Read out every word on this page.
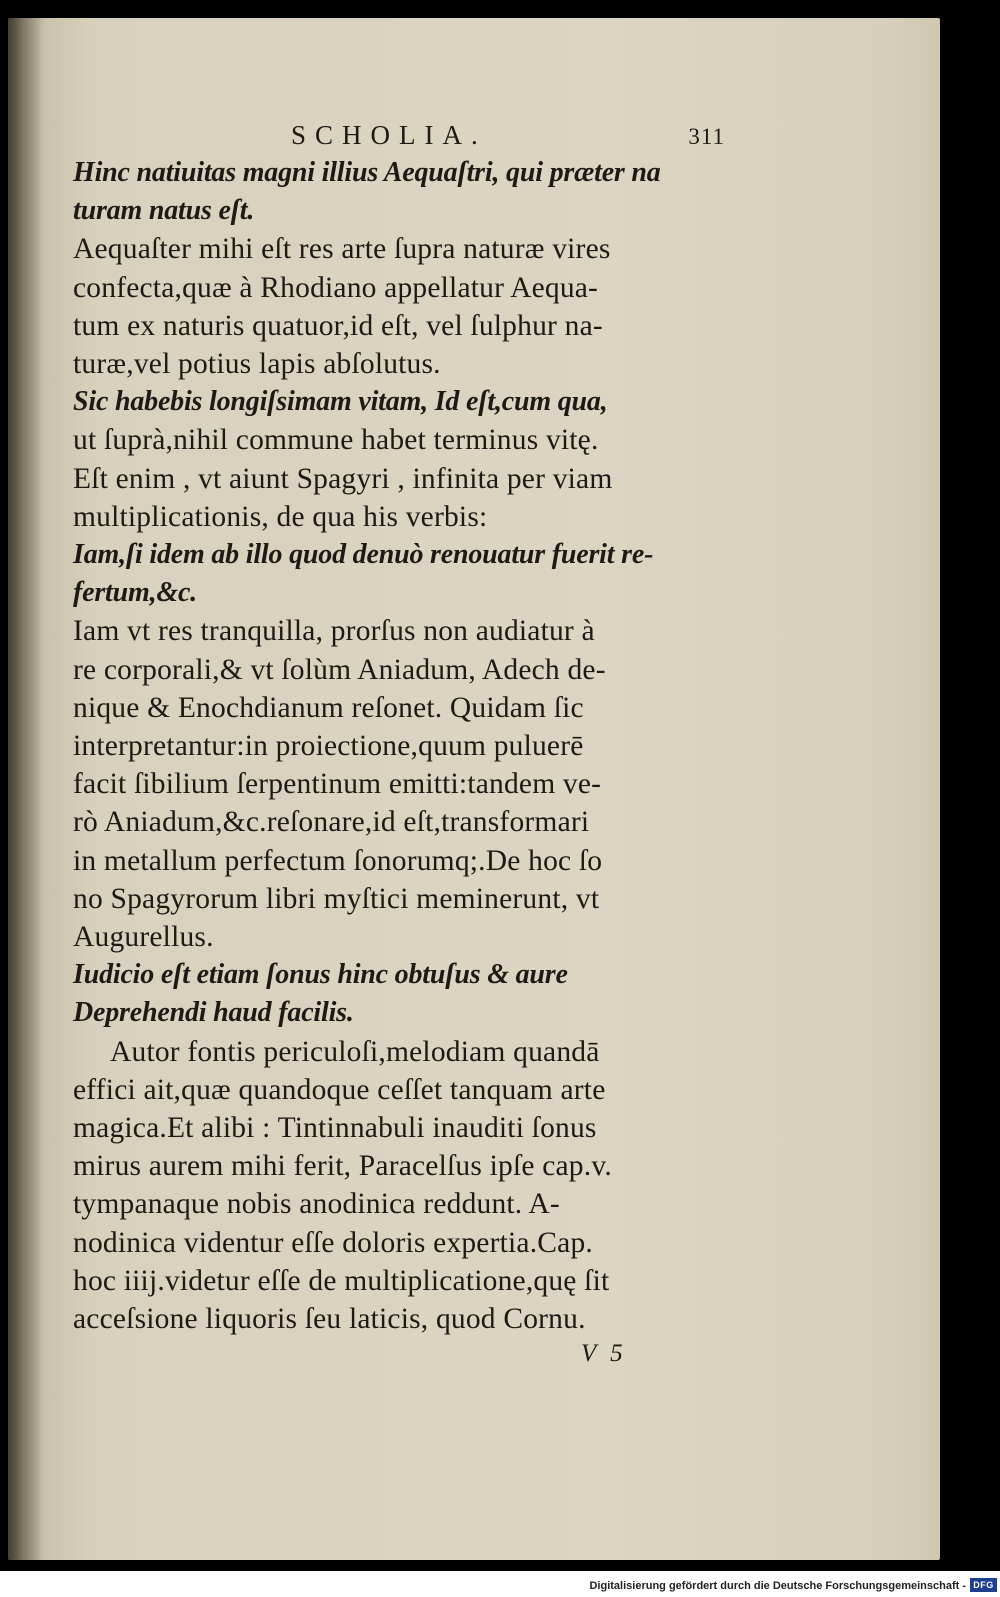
SCHOLIA.	311
Hinc natiuitas magni illius Aequaſtri, qui præter na
turam natus eſt.
Aequaſter mihi eſt res arte ſupra naturæ vires
confecta,quæ à Rhodiano appellatur Aequa-
tum ex naturis quatuor,id eſt, vel ſulphur na-
turæ,vel potius lapis abſolutus.
Sic habebis longiſsimam vitam, Id eſt,cum qua,
ut ſuprà,nihil commune habet terminus vitę.
Eſt enim , vt aiunt Spagyri , infinita per viam
multiplicationis, de qua his verbis:
Iam,ſi idem ab illo quod denuò renouatur fuerit re-
fertum,&c.
Iam vt res tranquilla, prorſus non audiatur à
re corporali,& vt ſolùm Aniadum, Adech de-
nique & Enochdianum reſonet. Quidam ſic
interpretantur:in proiectione,quum puluerē
facit ſibilium ſerpentinum emitti:tandem ve-
rò Aniadum,&c.reſonare,id eſt,transformari
in metallum perfectum ſonorumq;.De hoc ſo
no Spagyrorum libri myſtici meminerunt, vt
Augurellus.
Iudicio eſt etiam ſonus hinc obtuſus & aure
Deprehendi haud facilis.
Autor fontis periculoſi,melodiam quandā
effici ait,quæ quandoque ceſſet tanquam arte
magica.Et alibi : Tintinnabuli inauditi ſonus
mirus aurem mihi ferit, Paracelſus ipſe cap.v.
tympanaque nobis anodinica reddunt. A-
nodinica videntur eſſe doloris expertia.Cap.
hoc iiij.videtur eſſe de multiplicatione,quę ſit
acceſsione liquoris ſeu laticis, quod Cornu.
V 5
Digitalisierung gefördert durch die Deutsche Forschungsgemeinschaft - DFG
